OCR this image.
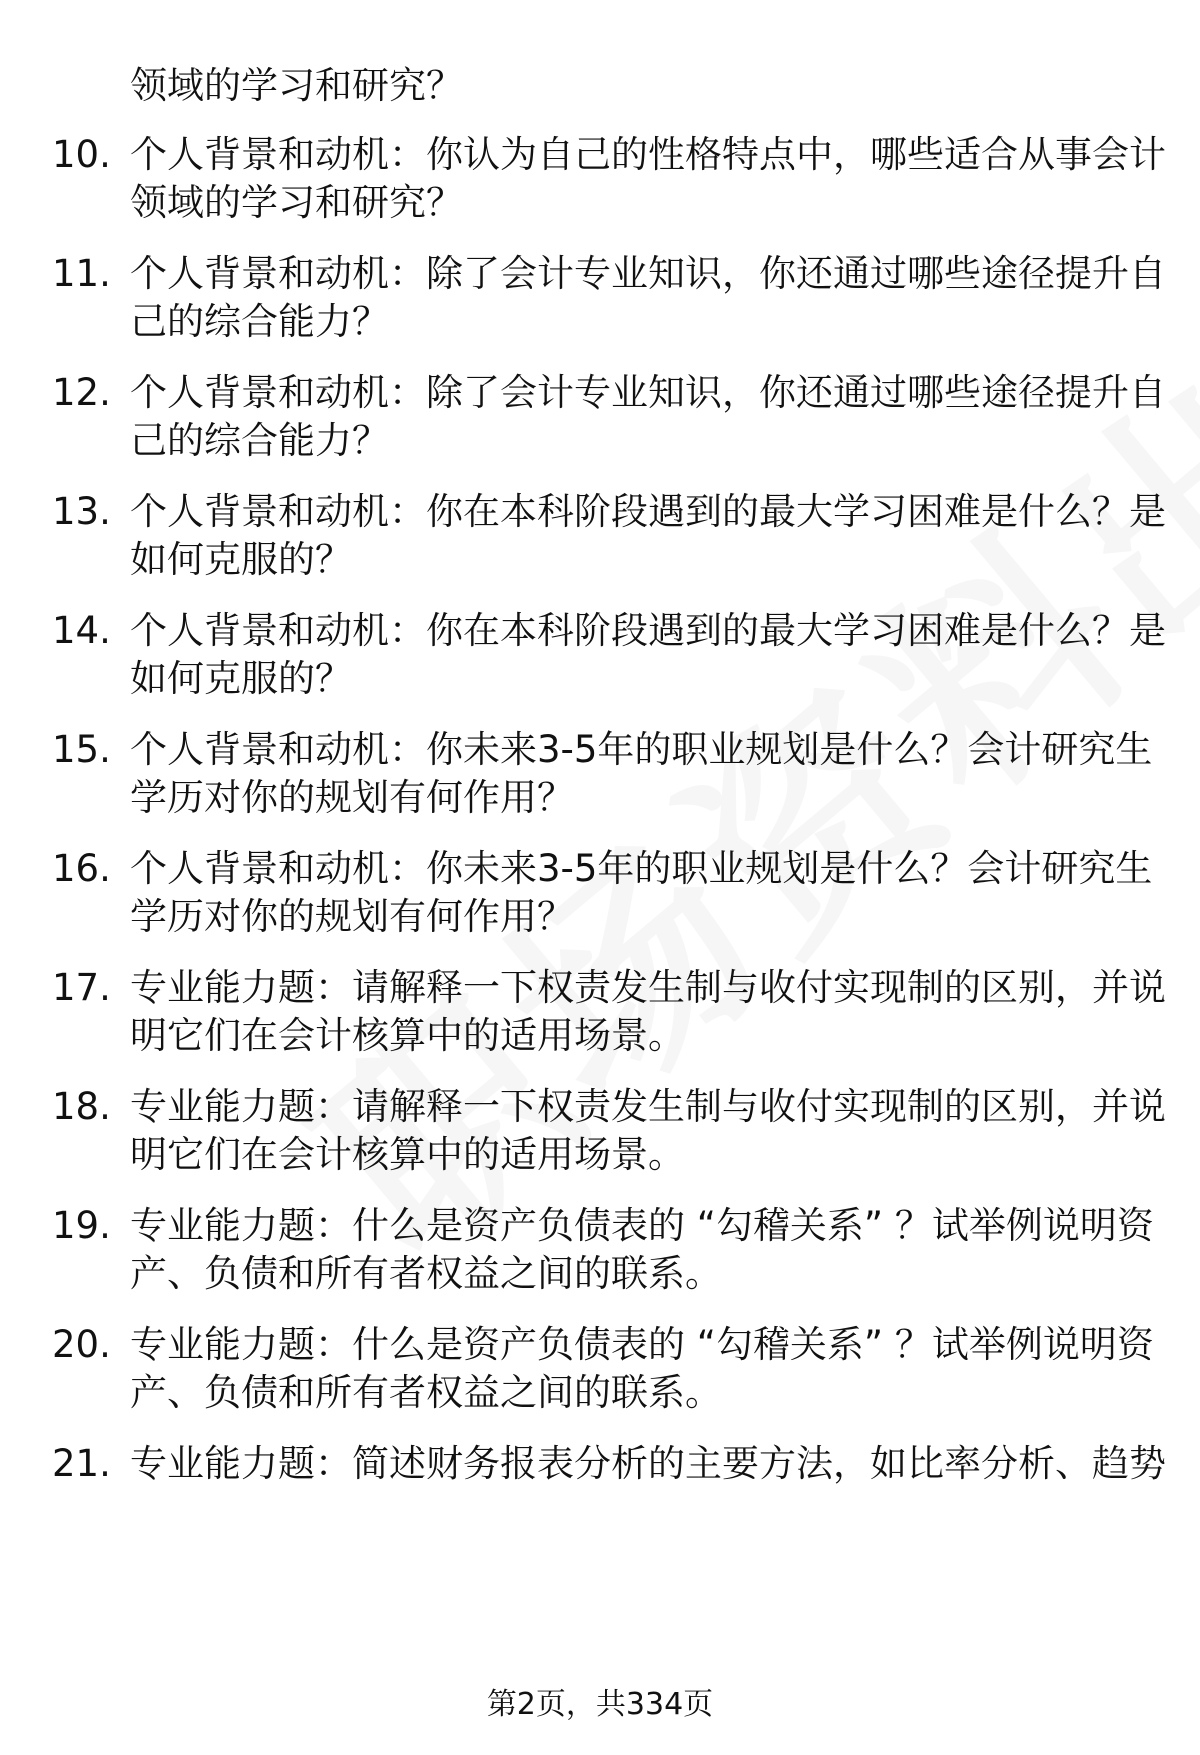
领域的学习和研究？
10. 个人背景和动机：你认为自己的性格特点中，哪些适合从事会计
领域的学习和研究？
11. 个人背景和动机：除了会计专业知识，你还通过哪些途径提升自
己的综合能力？
12. 个人背景和动机：除了会计专业知识，你还通过哪些途径提升自
己的综合能力？
13. 个人背景和动机：你在本科阶段遇到的最大学习困难是什么？是
如何克服的？
14. 个人背景和动机：你在本科阶段遇到的最大学习困难是什么？是
如何克服的？
15. 个人背景和动机：你未来3-5年的职业规划是什么？会计研究生
学历对你的规划有何作用？
16. 个人背景和动机：你未来3-5年的职业规划是什么？会计研究生
学历对你的规划有何作用？
17. 专业能力题：请解释一下权责发生制与收付实现制的区别，并说
明它们在会计核算中的适用场景。
18. 专业能力题：请解释一下权责发生制与收付实现制的区别，并说
明它们在会计核算中的适用场景。
19. 专业能力题：什么是资产负债表的 “勾稽关系” ？试举例说明资
产、负债和所有者权益之间的联系。
20. 专业能力题：什么是资产负债表的 “勾稽关系” ？试举例说明资
产、负债和所有者权益之间的联系。
21. 专业能力题：简述财务报表分析的主要方法，如比率分析、趋势
第2页，共334页
